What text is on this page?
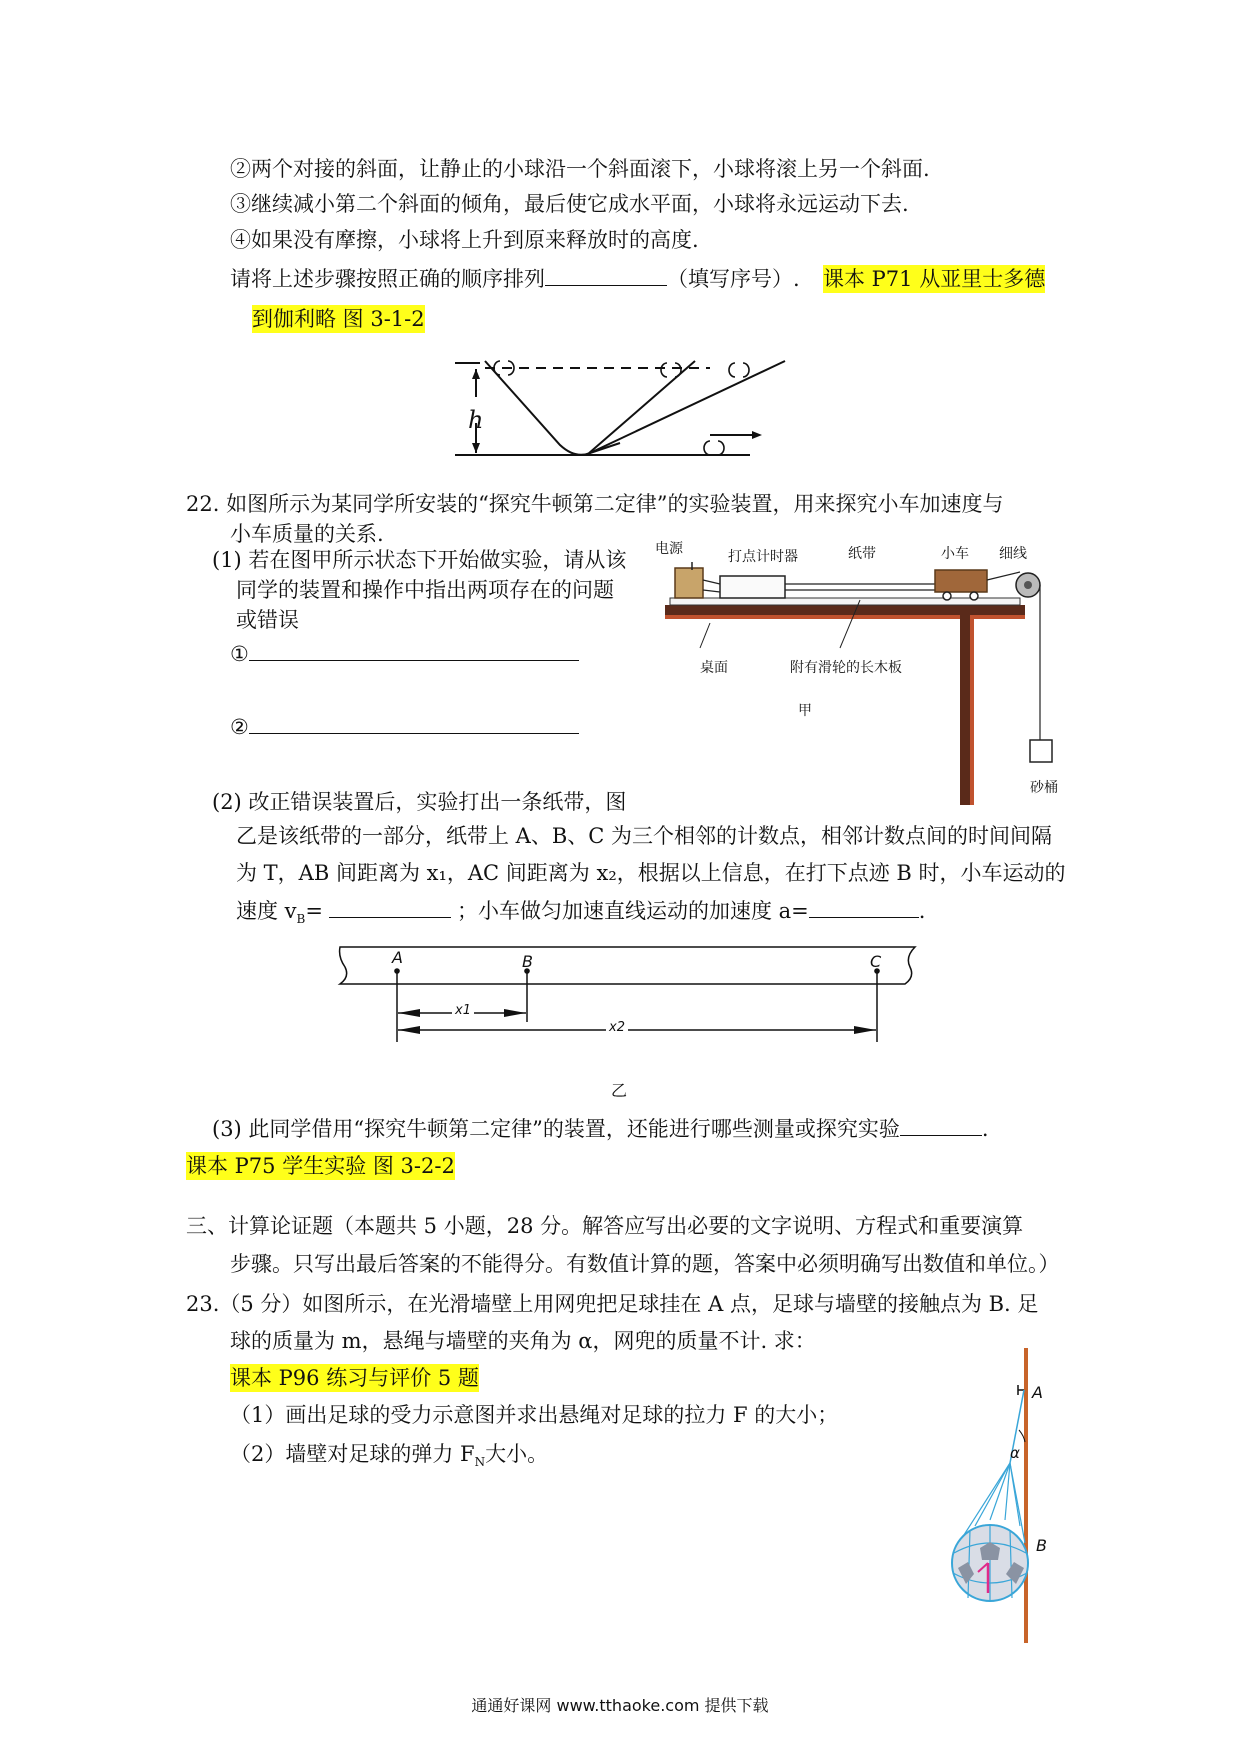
②两个对接的斜面，让静止的小球沿一个斜面滚下，小球将滚上另一个斜面.
③继续减小第二个斜面的倾角，最后使它成水平面，小球将永远运动下去.
④如果没有摩擦，小球将上升到原来释放时的高度.
请将上述步骤按照正确的顺序排列	（填写序号）. 课本 P71 从亚里士多德
到伽利略 图 3-1-2
h
22. 如图所示为某同学所安装的“探究牛顿第二定律”的实验装置，用来探究小车加速度与
小车质量的关系.
(1) 若在图甲所示状态下开始做实验，请从该
同学的装置和操作中指出两项存在的问题
或错误
①
②
电源	打点计时器	纸带	小车 细线
桌面	附有滑轮的长木板
甲
砂桶
(2) 改正错误装置后，实验打出一条纸带，图
乙是该纸带的一部分，纸带上 A、B、C 为三个相邻的计数点，相邻计数点间的时间间隔
为 T，AB 间距离为 x₁，AC 间距离为 x₂，根据以上信息，在打下点迹 B 时，小车运动的
速度 $v_B=$	；小车做匀加速直线运动的加速度 a=	.
A	B	C
x1
x2
乙
(3) 此同学借用“探究牛顿第二定律”的装置，还能进行哪些测量或探究实验	.
课本 P75 学生实验 图 3-2-2
三、计算论证题（本题共 5 小题，28 分。解答应写出必要的文字说明、方程式和重要演算
步骤。只写出最后答案的不能得分。有数值计算的题，答案中必须明确写出数值和单位。）
23.（5 分）如图所示，在光滑墙壁上用网兜把足球挂在 A 点，足球与墙壁的接触点为 B. 足
球的质量为 m，悬绳与墙壁的夹角为 α，网兜的质量不计. 求：
课本 P96 练习与评价 5 题
（1）画出足球的受力示意图并求出悬绳对足球的拉力 F 的大小；
（2）墙壁对足球的弹力 $F_N$大小。
A
α
B
通通好课网 www.tthaoke.com 提供下载
